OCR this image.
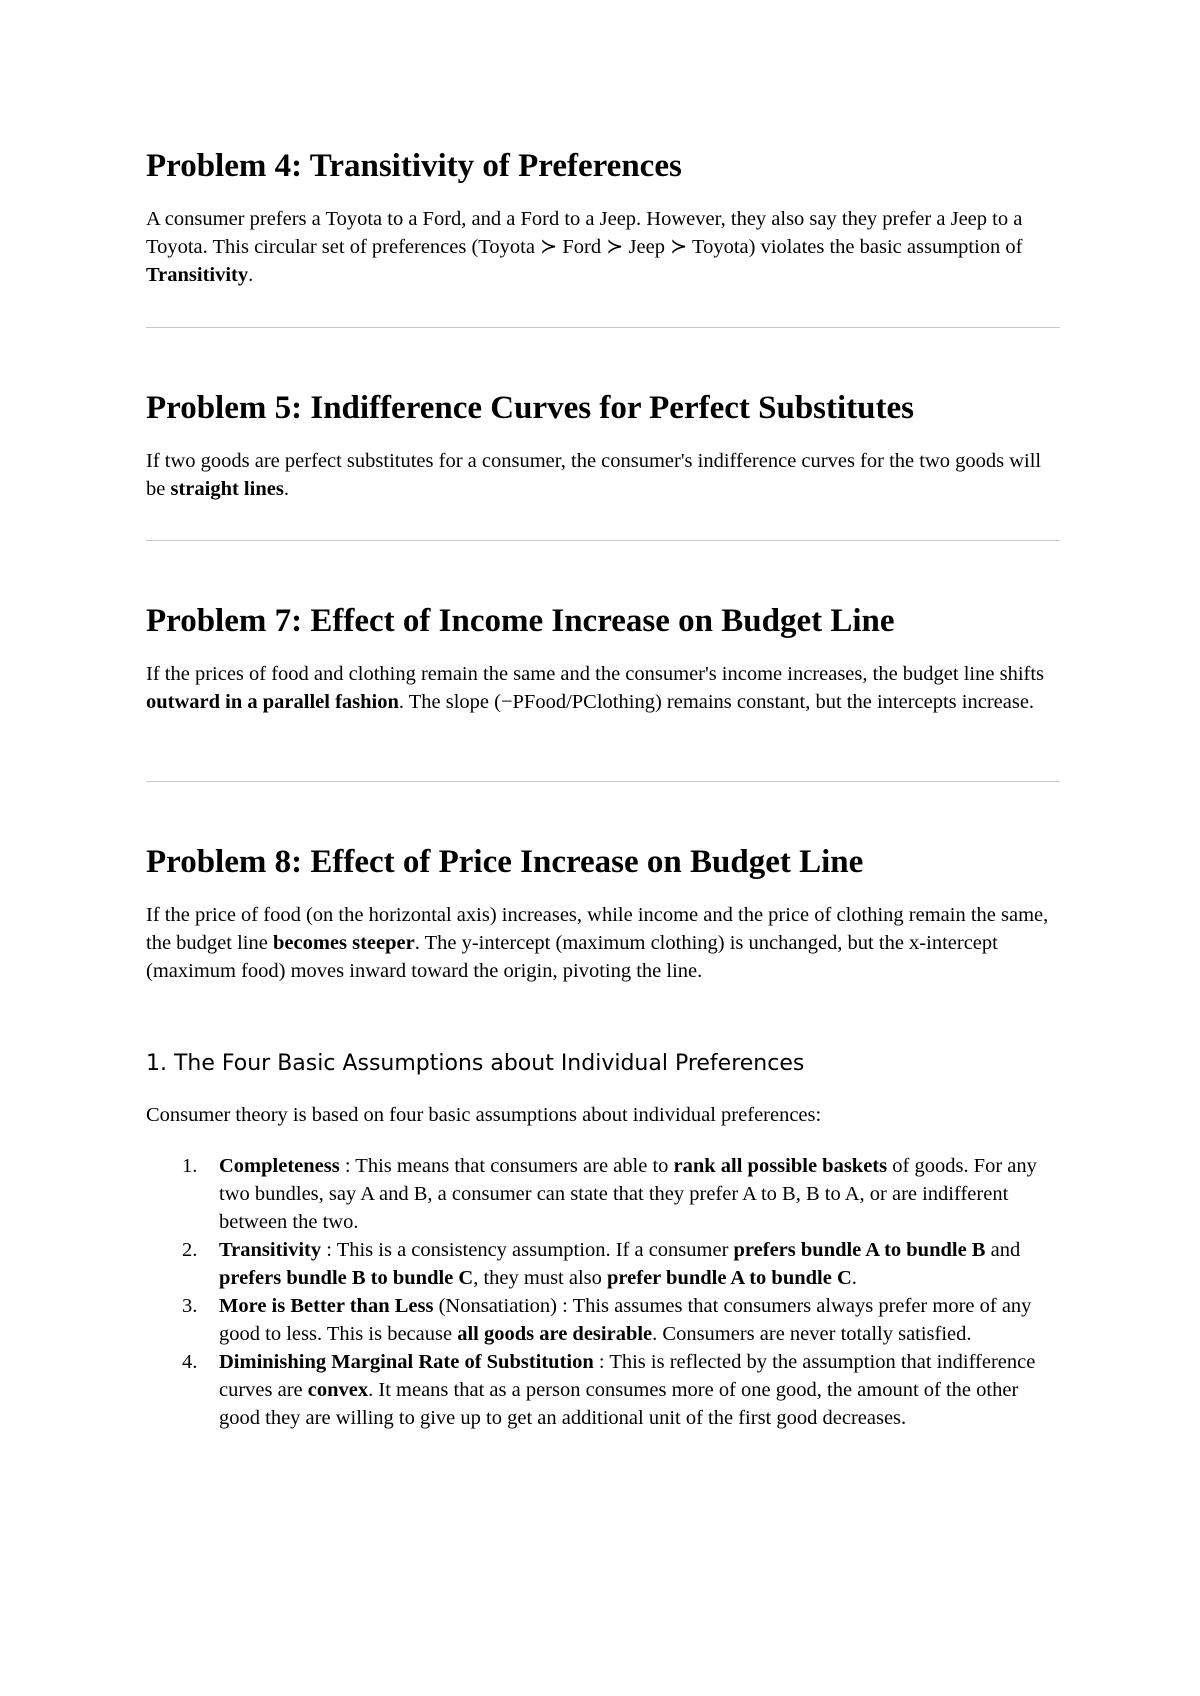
Problem 4: Transitivity of Preferences

A consumer prefers a Toyota to a Ford, and a Ford to a Jeep. However, they also say they prefer a Jeep to a Toyota. This circular set of preferences (Toyota ≻ Ford ≻ Jeep ≻ Toyota) violates the basic assumption of Transitivity.

Problem 5: Indifference Curves for Perfect Substitutes

If two goods are perfect substitutes for a consumer, the consumer's indifference curves for the two goods will be straight lines.

Problem 7: Effect of Income Increase on Budget Line

If the prices of food and clothing remain the same and the consumer's income increases, the budget line shifts outward in a parallel fashion. The slope (−PFood/PClothing) remains constant, but the intercepts increase.

Problem 8: Effect of Price Increase on Budget Line

If the price of food (on the horizontal axis) increases, while income and the price of clothing remain the same, the budget line becomes steeper. The y-intercept (maximum clothing) is unchanged, but the x-intercept (maximum food) moves inward toward the origin, pivoting the line.

1. The Four Basic Assumptions about Individual Preferences

Consumer theory is based on four basic assumptions about individual preferences:

1. Completeness : This means that consumers are able to rank all possible baskets of goods. For any two bundles, say A and B, a consumer can state that they prefer A to B, B to A, or are indifferent between the two.
2. Transitivity : This is a consistency assumption. If a consumer prefers bundle A to bundle B and prefers bundle B to bundle C, they must also prefer bundle A to bundle C.
3. More is Better than Less (Nonsatiation) : This assumes that consumers always prefer more of any good to less. This is because all goods are desirable. Consumers are never totally satisfied.
4. Diminishing Marginal Rate of Substitution : This is reflected by the assumption that indifference curves are convex. It means that as a person consumes more of one good, the amount of the other good they are willing to give up to get an additional unit of the first good decreases.
